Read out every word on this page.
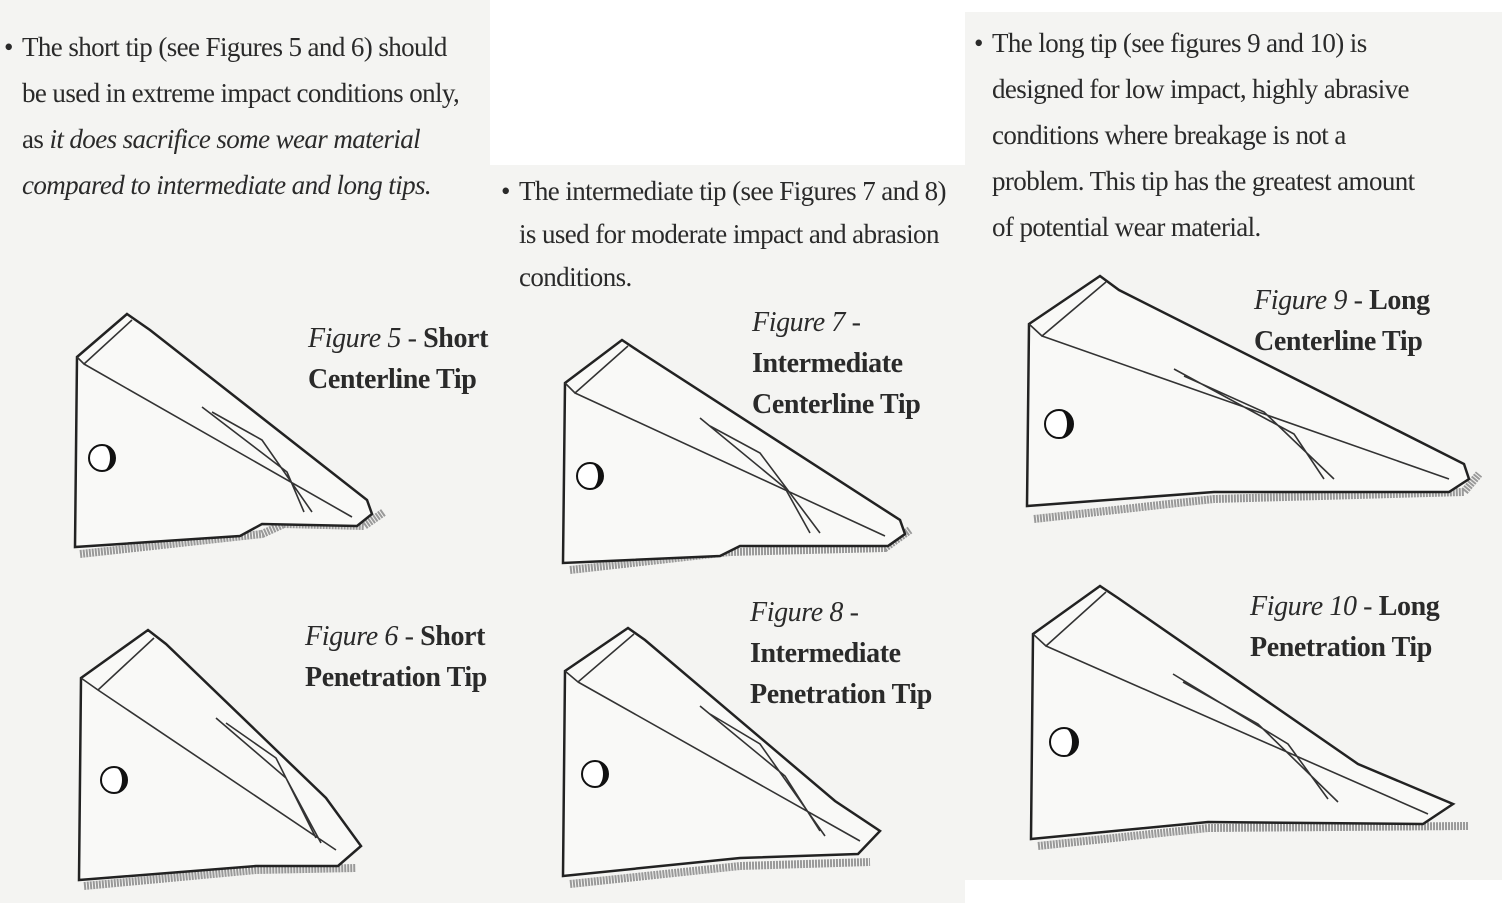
• The short tip (see Figures 5 and 6) should
be used in extreme impact conditions only,
as it does sacrifice some wear material
compared to intermediate and long tips.	• The intermediate tip (see Figures 7 and 8)
is used for moderate impact and abrasion
conditions.
• The long tip (see figures 9 and 10) is
designed for low impact, highly abrasive
conditions where breakage is not a
problem. This tip has the greatest amount
of potential wear material.
Figure 5 - Short
Centerline Tip
Figure 6 - Short
Penetration Tip
Figure 7 -
Intermediate
Centerline Tip
Figure 8 -
Intermediate
Penetration Tip
Figure 9 - Long
Centerline Tip
Figure 10 - Long
Penetration Tip
